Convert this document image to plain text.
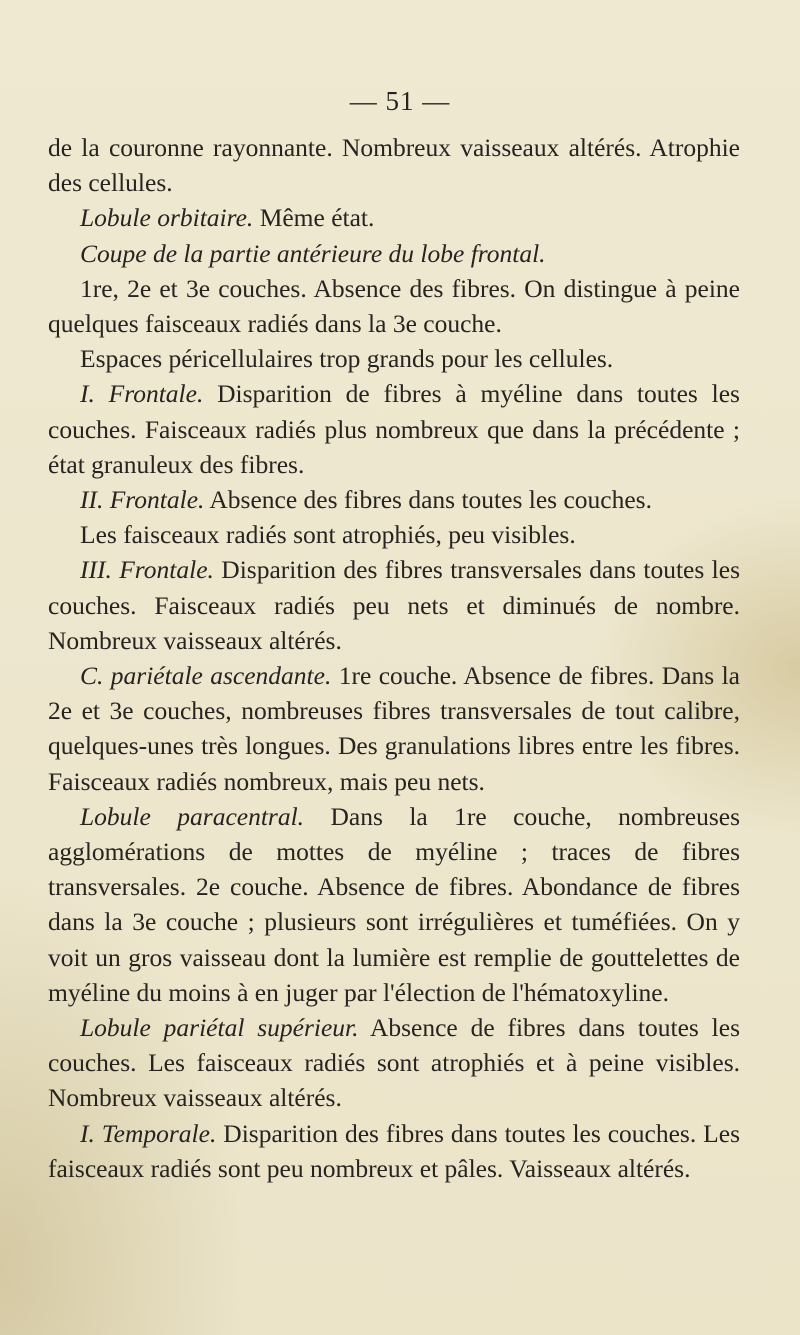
— 51 —

de la couronne rayonnante. Nombreux vaisseaux altérés. Atrophie des cellules.

Lobule orbitaire. Même état.

Coupe de la partie antérieure du lobe frontal.

1re, 2e et 3e couches. Absence des fibres. On distingue à peine quelques faisceaux radiés dans la 3e couche.

Espaces péricellulaires trop grands pour les cellules.

I. Frontale. Disparition de fibres à myéline dans toutes les couches. Faisceaux radiés plus nombreux que dans la précédente ; état granuleux des fibres.

II. Frontale. Absence des fibres dans toutes les couches.

Les faisceaux radiés sont atrophiés, peu visibles.

III. Frontale. Disparition des fibres transversales dans toutes les couches. Faisceaux radiés peu nets et diminués de nombre. Nombreux vaisseaux altérés.

C. pariétale ascendante. 1re couche. Absence de fibres. Dans la 2e et 3e couches, nombreuses fibres transversales de tout calibre, quelques-unes très longues. Des granulations libres entre les fibres. Faisceaux radiés nombreux, mais peu nets.

Lobule paracentral. Dans la 1re couche, nombreuses agglomérations de mottes de myéline ; traces de fibres transversales. 2e couche. Absence de fibres. Abondance de fibres dans la 3e couche ; plusieurs sont irrégulières et tuméfiées. On y voit un gros vaisseau dont la lumière est remplie de gouttelettes de myéline du moins à en juger par l'élection de l'hématoxyline.

Lobule pariétal supérieur. Absence de fibres dans toutes les couches. Les faisceaux radiés sont atrophiés et à peine visibles. Nombreux vaisseaux altérés.

I. Temporale. Disparition des fibres dans toutes les couches. Les faisceaux radiés sont peu nombreux et pâles. Vaisseaux altérés.
